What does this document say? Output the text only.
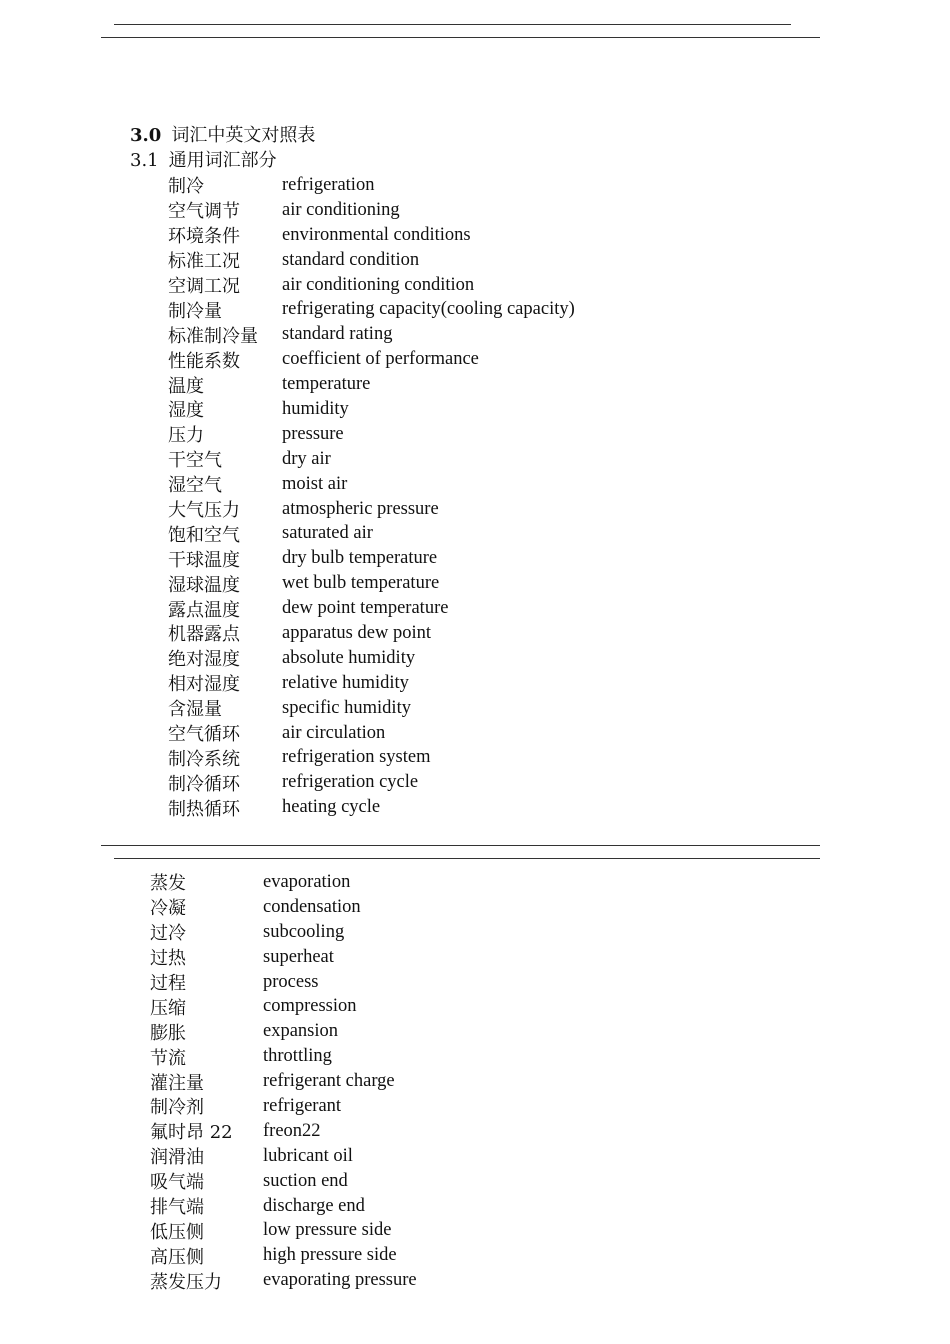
3.0 词汇中英文对照表
3.1 通用词汇部分
制冷	refrigeration
空气调节	air conditioning
环境条件	environmental conditions
标准工况	standard condition
空调工况	air conditioning condition
制冷量	refrigerating capacity(cooling capacity)
标准制冷量	standard rating
性能系数	coefficient of performance
温度	temperature
湿度	humidity
压力	pressure
干空气	dry air
湿空气	moist air
大气压力	atmospheric pressure
饱和空气	saturated air
干球温度	dry bulb temperature
湿球温度	wet bulb temperature
露点温度	dew point temperature
机器露点	apparatus dew point
绝对湿度	absolute humidity
相对湿度	relative humidity
含湿量	specific humidity
空气循环	air circulation
制冷系统	refrigeration system
制冷循环	refrigeration cycle
制热循环	heating cycle
蒸发	evaporation
冷凝	condensation
过冷	subcooling
过热	superheat
过程	process
压缩	compression
膨胀	expansion
节流	throttling
灌注量	refrigerant charge
制冷剂	refrigerant
氟时昂 22	freon22
润滑油	lubricant oil
吸气端	suction end
排气端	discharge end
低压侧	low pressure side
高压侧	high pressure side
蒸发压力	evaporating pressure
